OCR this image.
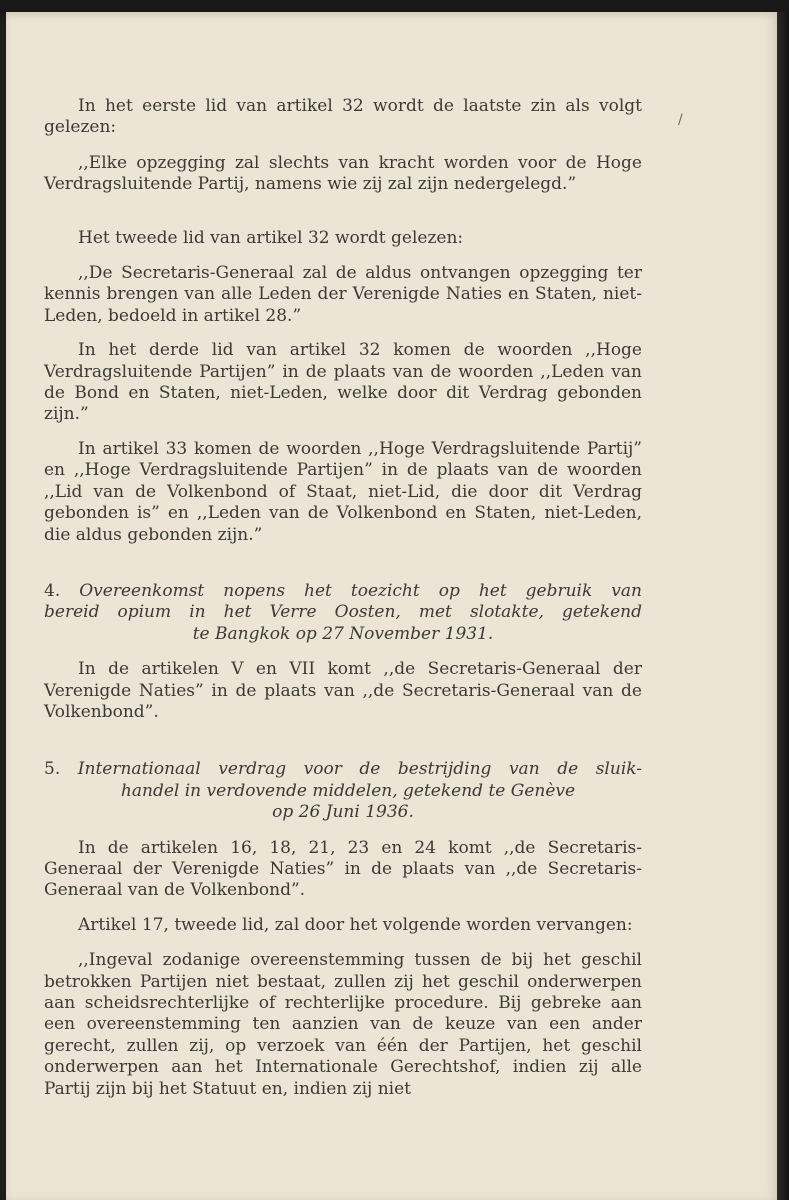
In het eerste lid van artikel 32 wordt de laatste zin als volgt gelezen:

,,Elke opzegging zal slechts van kracht worden voor de Hoge Verdragsluitende Partij, namens wie zij zal zijn nedergelegd.”

Het tweede lid van artikel 32 wordt gelezen:

,,De Secretaris-Generaal zal de aldus ontvangen opzegging ter kennis brengen van alle Leden der Verenigde Naties en Staten, niet-Leden, bedoeld in artikel 28.”

In het derde lid van artikel 32 komen de woorden ,,Hoge Verdragsluitende Partijen” in de plaats van de woorden ,,Leden van de Bond en Staten, niet-Leden, welke door dit Verdrag gebonden zijn.”

In artikel 33 komen de woorden ,,Hoge Verdragsluitende Partij” en ,,Hoge Verdragsluitende Partijen” in de plaats van de woorden ,,Lid van de Volkenbond of Staat, niet-Lid, die door dit Verdrag gebonden is” en ,,Leden van de Volkenbond en Staten, niet-Leden, die aldus gebonden zijn.”

4. Overeenkomst nopens het toezicht op het gebruik van
bereid opium in het Verre Oosten, met slotakte, getekend
te Bangkok op 27 November 1931.

In de artikelen V en VII komt ,,de Secretaris-Generaal der Verenigde Naties” in de plaats van ,,de Secretaris-Generaal van de Volkenbond”.

5. Internationaal verdrag voor de bestrijding van de sluik-
handel in verdovende middelen, getekend te Genève
op 26 Juni 1936.

In de artikelen 16, 18, 21, 23 en 24 komt ,,de Secretaris-Generaal der Verenigde Naties” in de plaats van ,,de Secretaris-Generaal van de Volkenbond”.

Artikel 17, tweede lid, zal door het volgende worden vervangen:

,,Ingeval zodanige overeenstemming tussen de bij het geschil betrokken Partijen niet bestaat, zullen zij het geschil onderwerpen aan scheidsrechterlijke of rechterlijke procedure. Bij gebreke aan een overeenstemming ten aanzien van de keuze van een ander gerecht, zullen zij, op verzoek van één der Partijen, het geschil onderwerpen aan het Internationale Gerechtshof, indien zij alle Partij zijn bij het Statuut en, indien zij niet

/
